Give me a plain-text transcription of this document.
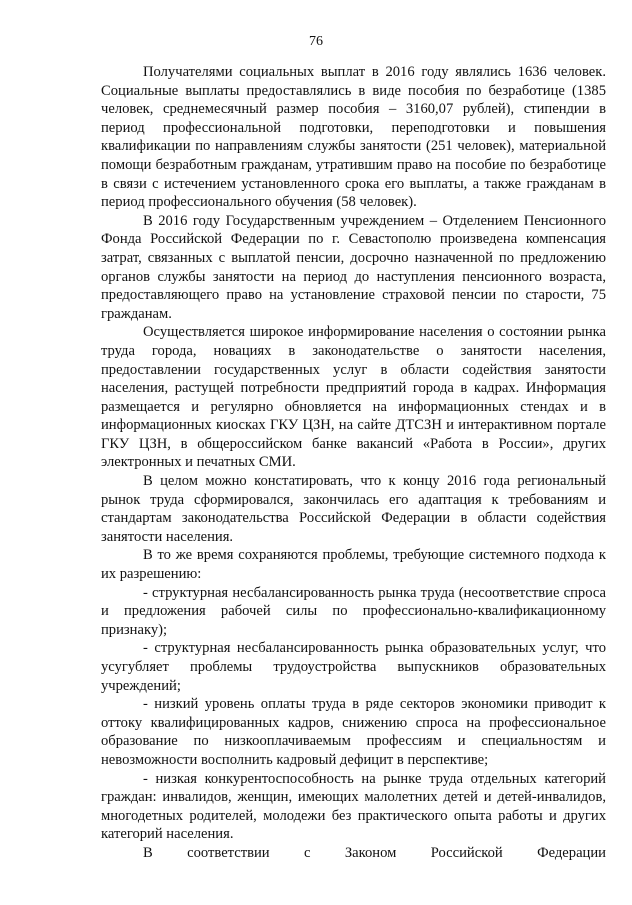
76

Получателями социальных выплат в 2016 году являлись 1636 человек. Социальные выплаты предоставлялись в виде пособия по безработице (1385 человек, среднемесячный размер пособия – 3160,07 рублей), стипендии в период профессиональной подготовки, переподготовки и повышения квалификации по направлениям службы занятости (251 человек), материальной помощи безработным гражданам, утратившим право на пособие по безработице в связи с истечением установленного срока его выплаты, а также гражданам в период профессионального обучения (58 человек).

В 2016 году Государственным учреждением – Отделением Пенсионного Фонда Российской Федерации по г. Севастополю произведена компенсация затрат, связанных с выплатой пенсии, досрочно назначенной по предложению органов службы занятости на период до наступления пенсионного возраста, предоставляющего право на установление страховой пенсии по старости, 75 гражданам.

Осуществляется широкое информирование населения о состоянии рынка труда города, новациях в законодательстве о занятости населения, предоставлении государственных услуг в области содействия занятости населения, растущей потребности предприятий города в кадрах. Информация размещается и регулярно обновляется на информационных стендах и в информационных киосках ГКУ ЦЗН, на сайте ДТСЗН и интерактивном портале ГКУ ЦЗН, в общероссийском банке вакансий «Работа в России», других электронных и печатных СМИ.

В целом можно констатировать, что к концу 2016 года региональный рынок труда сформировался, закончилась его адаптация к требованиям и стандартам законодательства Российской Федерации в области содействия занятости населения.

В то же время сохраняются проблемы, требующие системного подхода к их разрешению:

- структурная несбалансированность рынка труда (несоответствие спроса и предложения рабочей силы по профессионально-квалификационному признаку);

- структурная несбалансированность рынка образовательных услуг, что усугубляет проблемы трудоустройства выпускников образовательных учреждений;

- низкий уровень оплаты труда в ряде секторов экономики приводит к оттоку квалифицированных кадров, снижению спроса на профессиональное образование по низкооплачиваемым профессиям и специальностям и невозможности восполнить кадровый дефицит в перспективе;

- низкая конкурентоспособность на рынке труда отдельных категорий граждан: инвалидов, женщин, имеющих малолетних детей и детей-инвалидов, многодетных родителей, молодежи без практического опыта работы и других категорий населения.

В соответствии с Законом Российской Федерации
